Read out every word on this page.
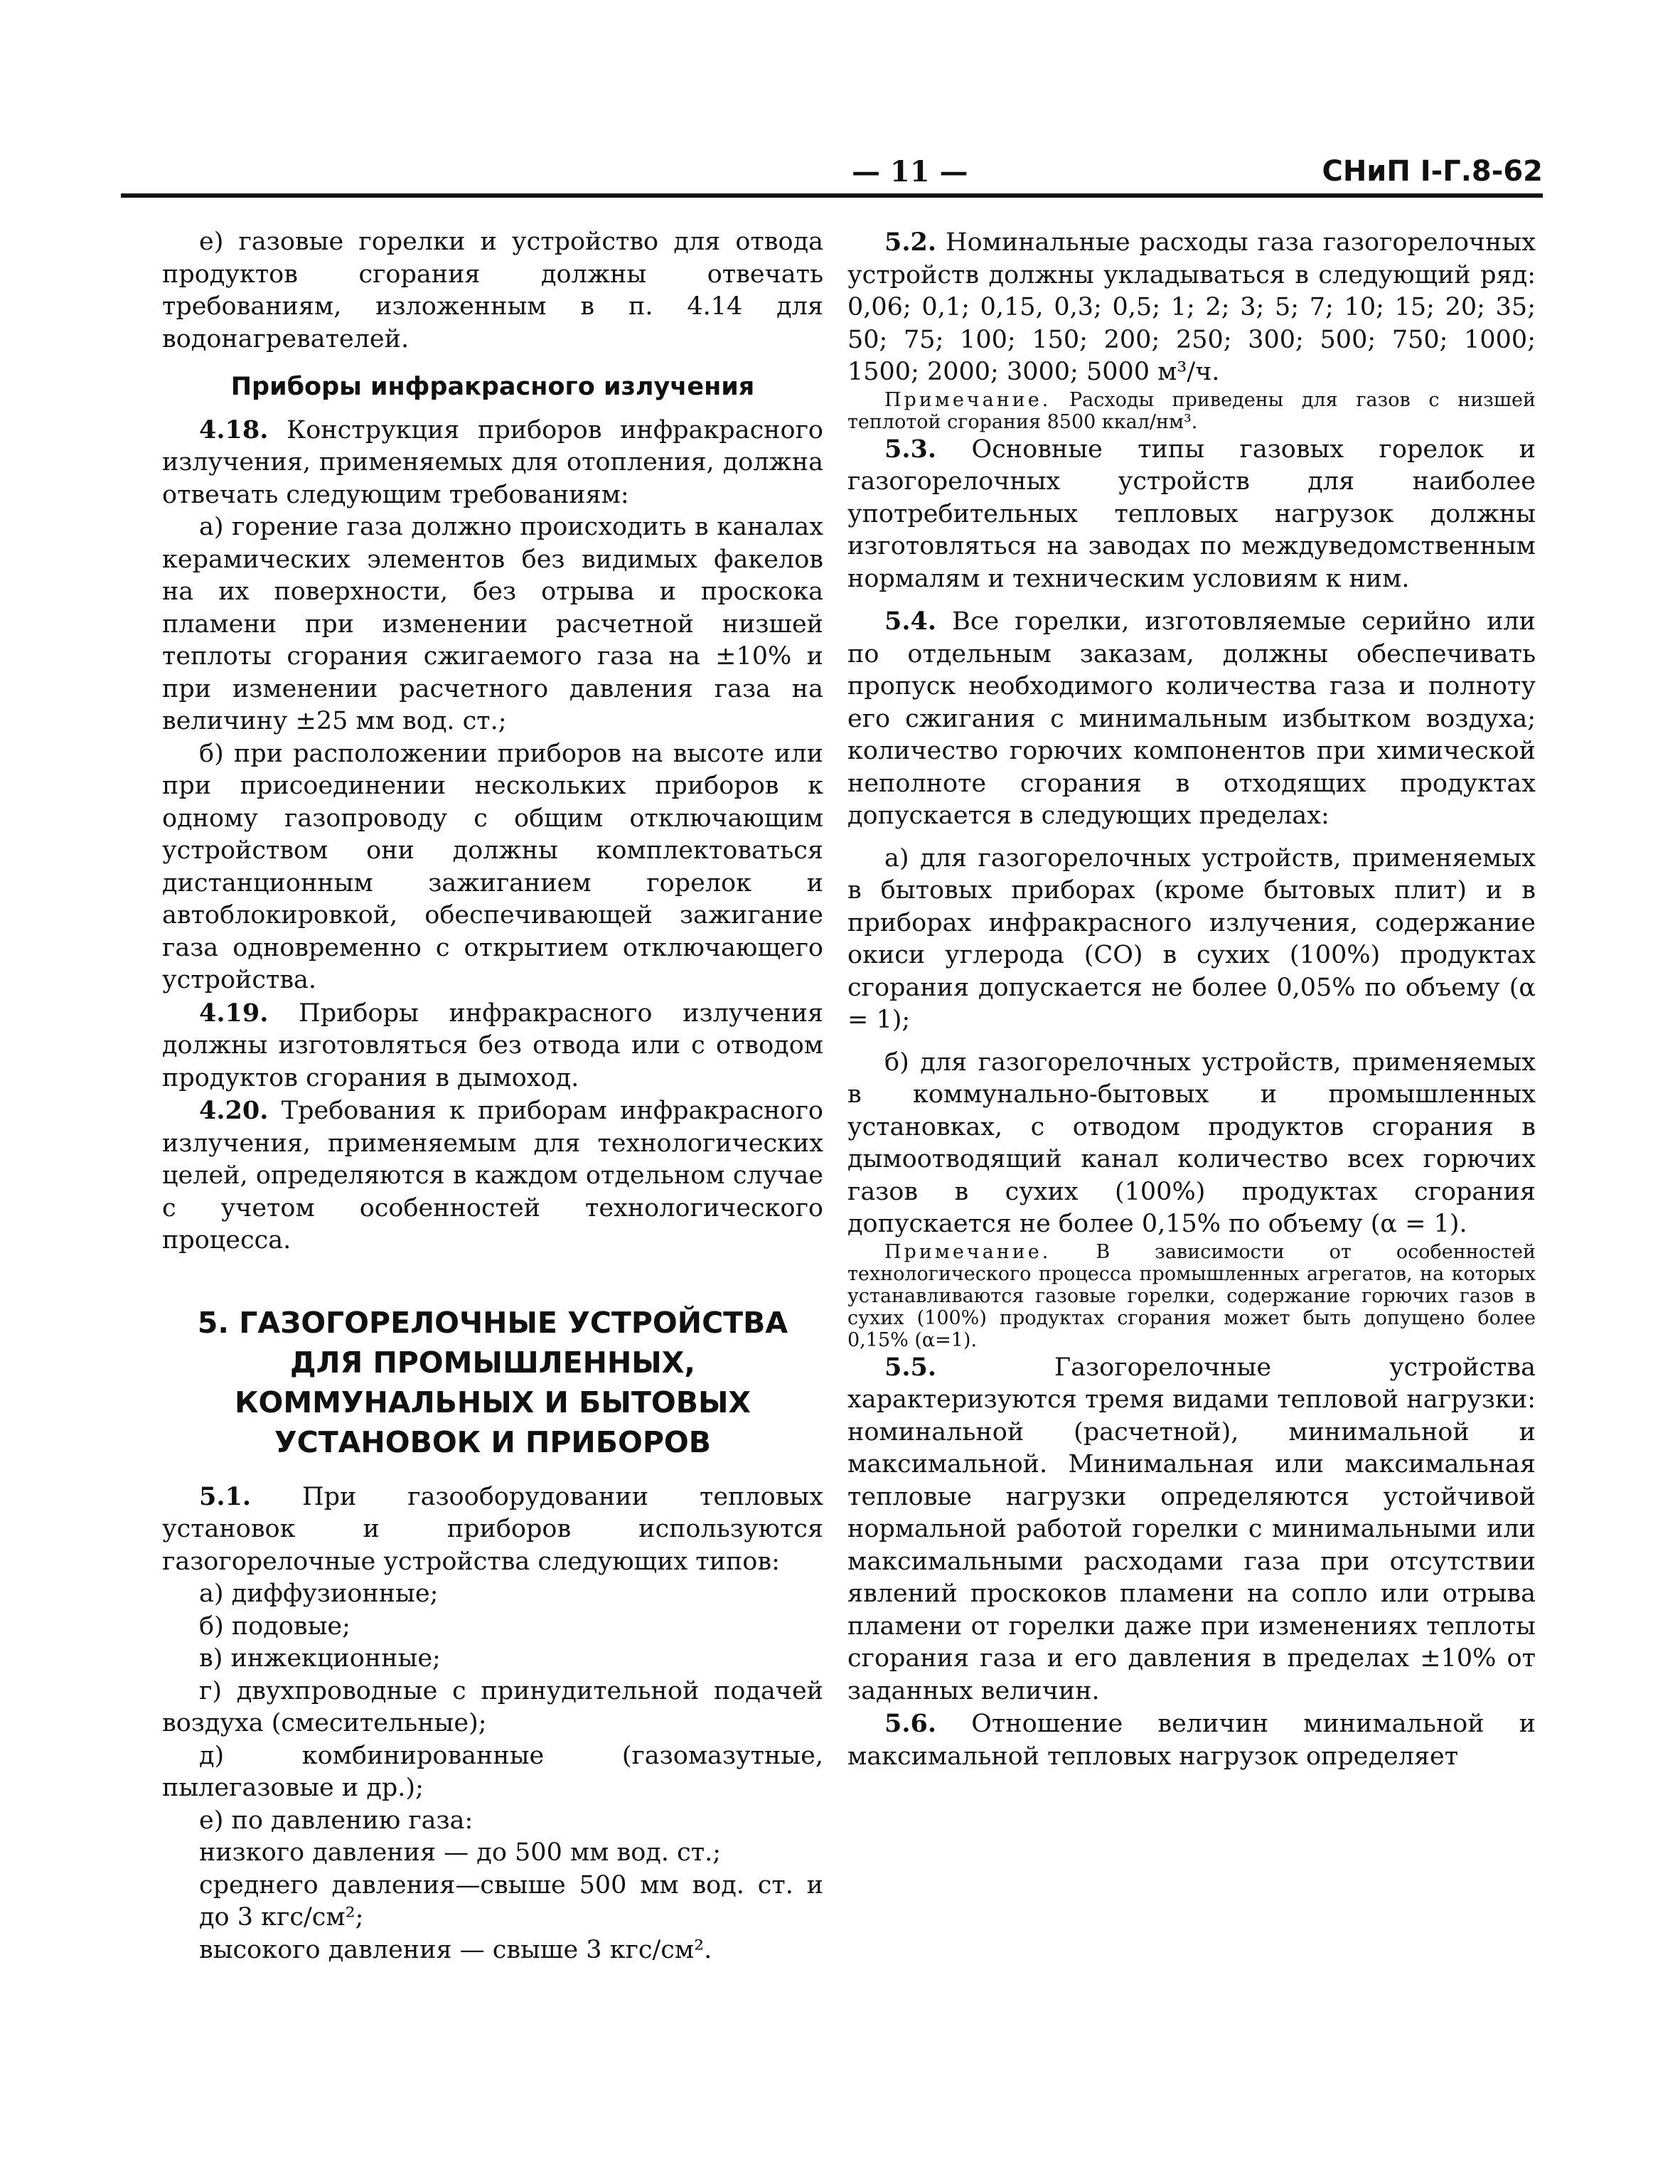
— 11 —	СНиП I-Г.8-62

е) газовые горелки и устройство для отвода продуктов сгорания должны отвечать требованиям, изложенным в п. 4.14 для водонагревателей.

Приборы инфракрасного излучения

4.18. Конструкция приборов инфракрасного излучения, применяемых для отопления, должна отвечать следующим требованиям:

а) горение газа должно происходить в каналах керамических элементов без видимых факелов на их поверхности, без отрыва и проскока пламени при изменении расчетной низшей теплоты сгорания сжигаемого газа на ±10% и при изменении расчетного давления газа на величину ±25 мм вод. ст.;

б) при расположении приборов на высоте или при присоединении нескольких приборов к одному газопроводу с общим отключающим устройством они должны комплектоваться дистанционным зажиганием горелок и автоблокировкой, обеспечивающей зажигание газа одновременно с открытием отключающего устройства.

4.19. Приборы инфракрасного излучения должны изготовляться без отвода или с отводом продуктов сгорания в дымоход.

4.20. Требования к приборам инфракрасного излучения, применяемым для технологических целей, определяются в каждом отдельном случае с учетом особенностей технологического процесса.

5. ГАЗОГОРЕЛОЧНЫЕ УСТРОЙСТВА
ДЛЯ ПРОМЫШЛЕННЫХ,
КОММУНАЛЬНЫХ И БЫТОВЫХ
УСТАНОВОК И ПРИБОРОВ

5.1. При газооборудовании тепловых установок и приборов используются газогорелочные устройства следующих типов:

а) диффузионные;

б) подовые;

в) инжекционные;

г) двухпроводные с принудительной подачей воздуха (смесительные);

д) комбинированные (газомазутные, пылегазовые и др.);

е) по давлению газа:

низкого давления — до 500 мм вод. ст.;

среднего давления—свыше 500 мм вод. ст. и до 3 кгс/см²;

высокого давления — свыше 3 кгс/см².

5.2. Номинальные расходы газа газогорелочных устройств должны укладываться в следующий ряд: 0,06; 0,1; 0,15, 0,3; 0,5; 1; 2; 3; 5; 7; 10; 15; 20; 35; 50; 75; 100; 150; 200; 250; 300; 500; 750; 1000; 1500; 2000; 3000; 5000 м³/ч.

Примечание. Расходы приведены для газов с низшей теплотой сгорания 8500 ккал/нм³.

5.3. Основные типы газовых горелок и газогорелочных устройств для наиболее употребительных тепловых нагрузок должны изготовляться на заводах по междуведомственным нормалям и техническим условиям к ним.

5.4. Все горелки, изготовляемые серийно или по отдельным заказам, должны обеспечивать пропуск необходимого количества газа и полноту его сжигания с минимальным избытком воздуха; количество горючих компонентов при химической неполноте сгорания в отходящих продуктах допускается в следующих пределах:

а) для газогорелочных устройств, применяемых в бытовых приборах (кроме бытовых плит) и в приборах инфракрасного излучения, содержание окиси углерода (СО) в сухих (100%) продуктах сгорания допускается не более 0,05% по объему (α = 1);

б) для газогорелочных устройств, применяемых в коммунально-бытовых и промышленных установках, с отводом продуктов сгорания в дымоотводящий канал количество всех горючих газов в сухих (100%) продуктах сгорания допускается не более 0,15% по объему (α = 1).

Примечание. В зависимости от особенностей технологического процесса промышленных агрегатов, на которых устанавливаются газовые горелки, содержание горючих газов в сухих (100%) продуктах сгорания может быть допущено более 0,15% (α=1).

5.5.	Газогорелочные устройства характеризуются тремя видами тепловой нагрузки: номинальной (расчетной), минимальной и максимальной. Минимальная или максимальная тепловые нагрузки определяются устойчивой нормальной работой горелки с минимальными или максимальными расходами газа при отсутствии явлений проскоков пламени на сопло или отрыва пламени от горелки даже при изменениях теплоты сгорания газа и его давления в пределах ±10% от заданных величин.

5.6. Отношение величин минимальной и максимальной тепловых нагрузок определяет
